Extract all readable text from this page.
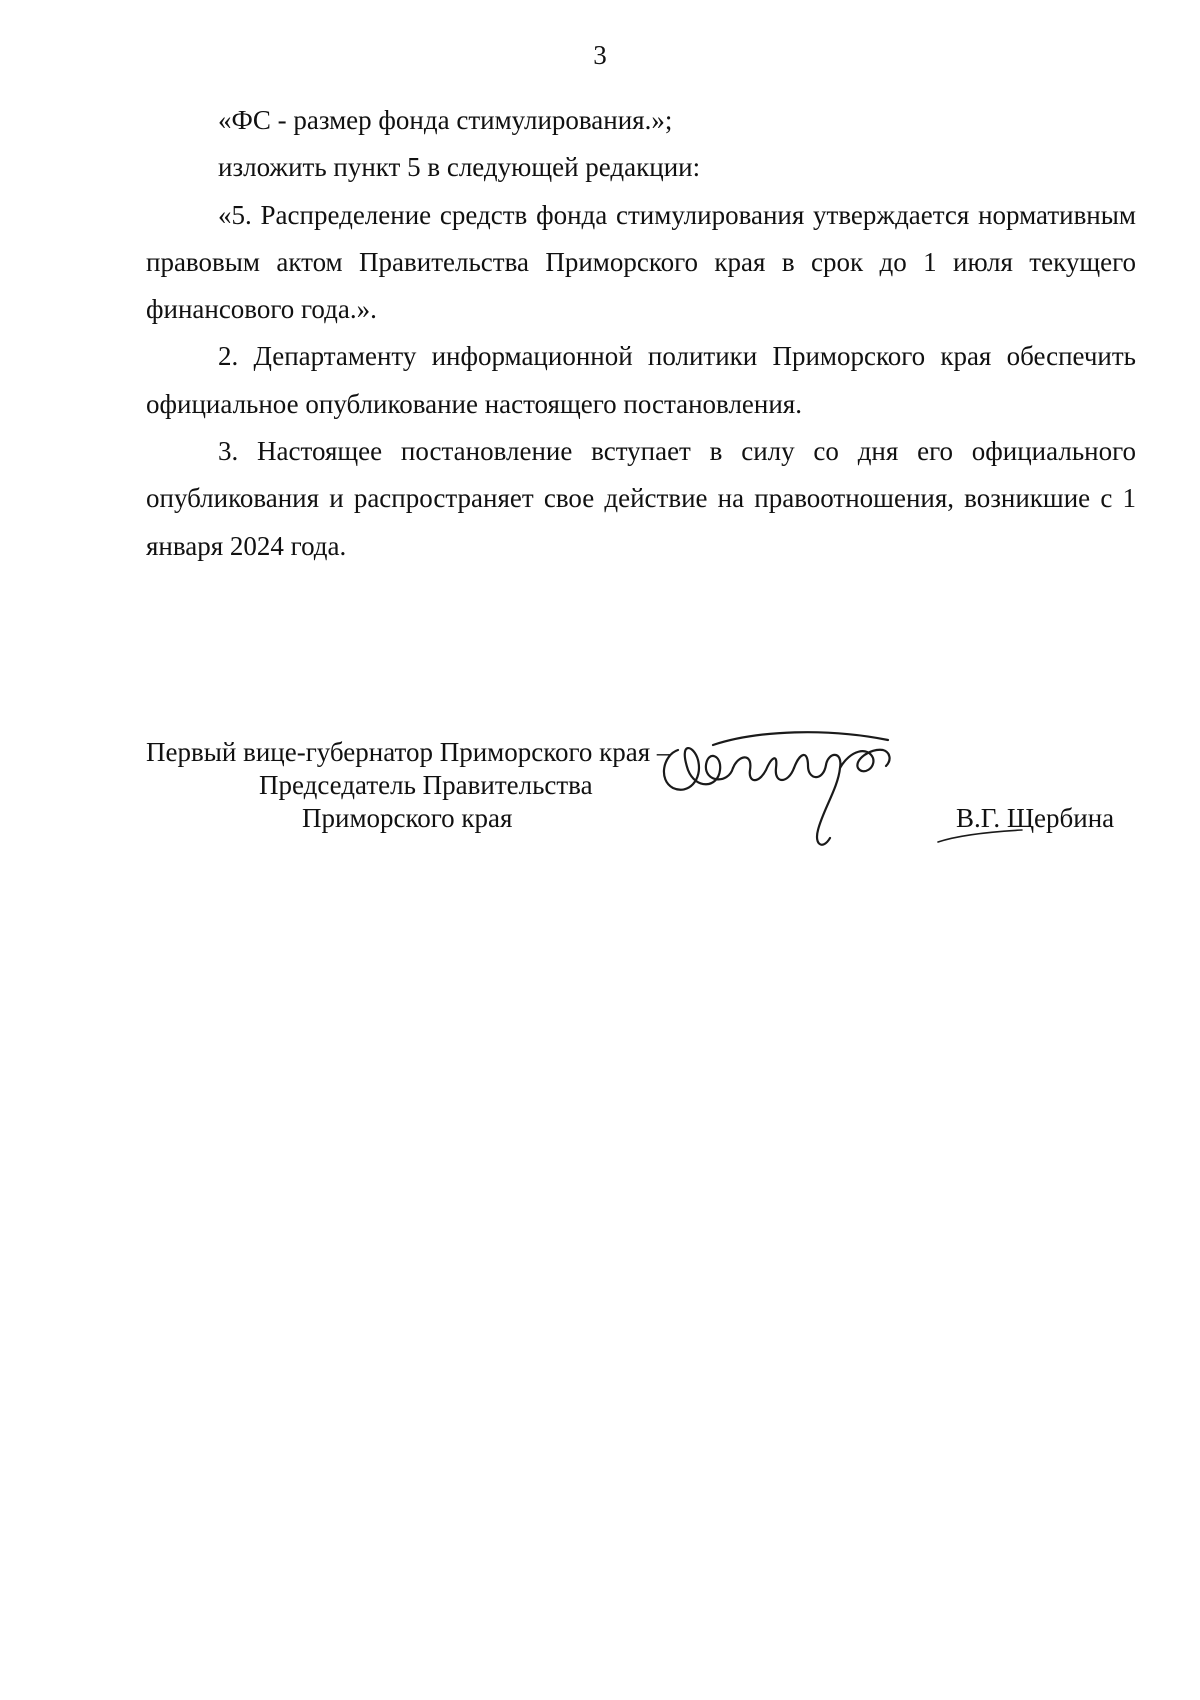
3

«ФС - размер фонда стимулирования.»;

изложить пункт 5 в следующей редакции:

«5. Распределение средств фонда стимулирования утверждается нормативным правовым актом Правительства Приморского края в срок до 1 июля текущего финансового года.».

2. Департаменту информационной политики Приморского края обеспечить официальное опубликование настоящего постановления.

3. Настоящее постановление вступает в силу со дня его официального опубликования и распространяет свое действие на правоотношения, возникшие с 1 января 2024 года.

Первый вице-губернатор Приморского края –
Председатель Правительства
Приморского края	В.Г. Щербина
